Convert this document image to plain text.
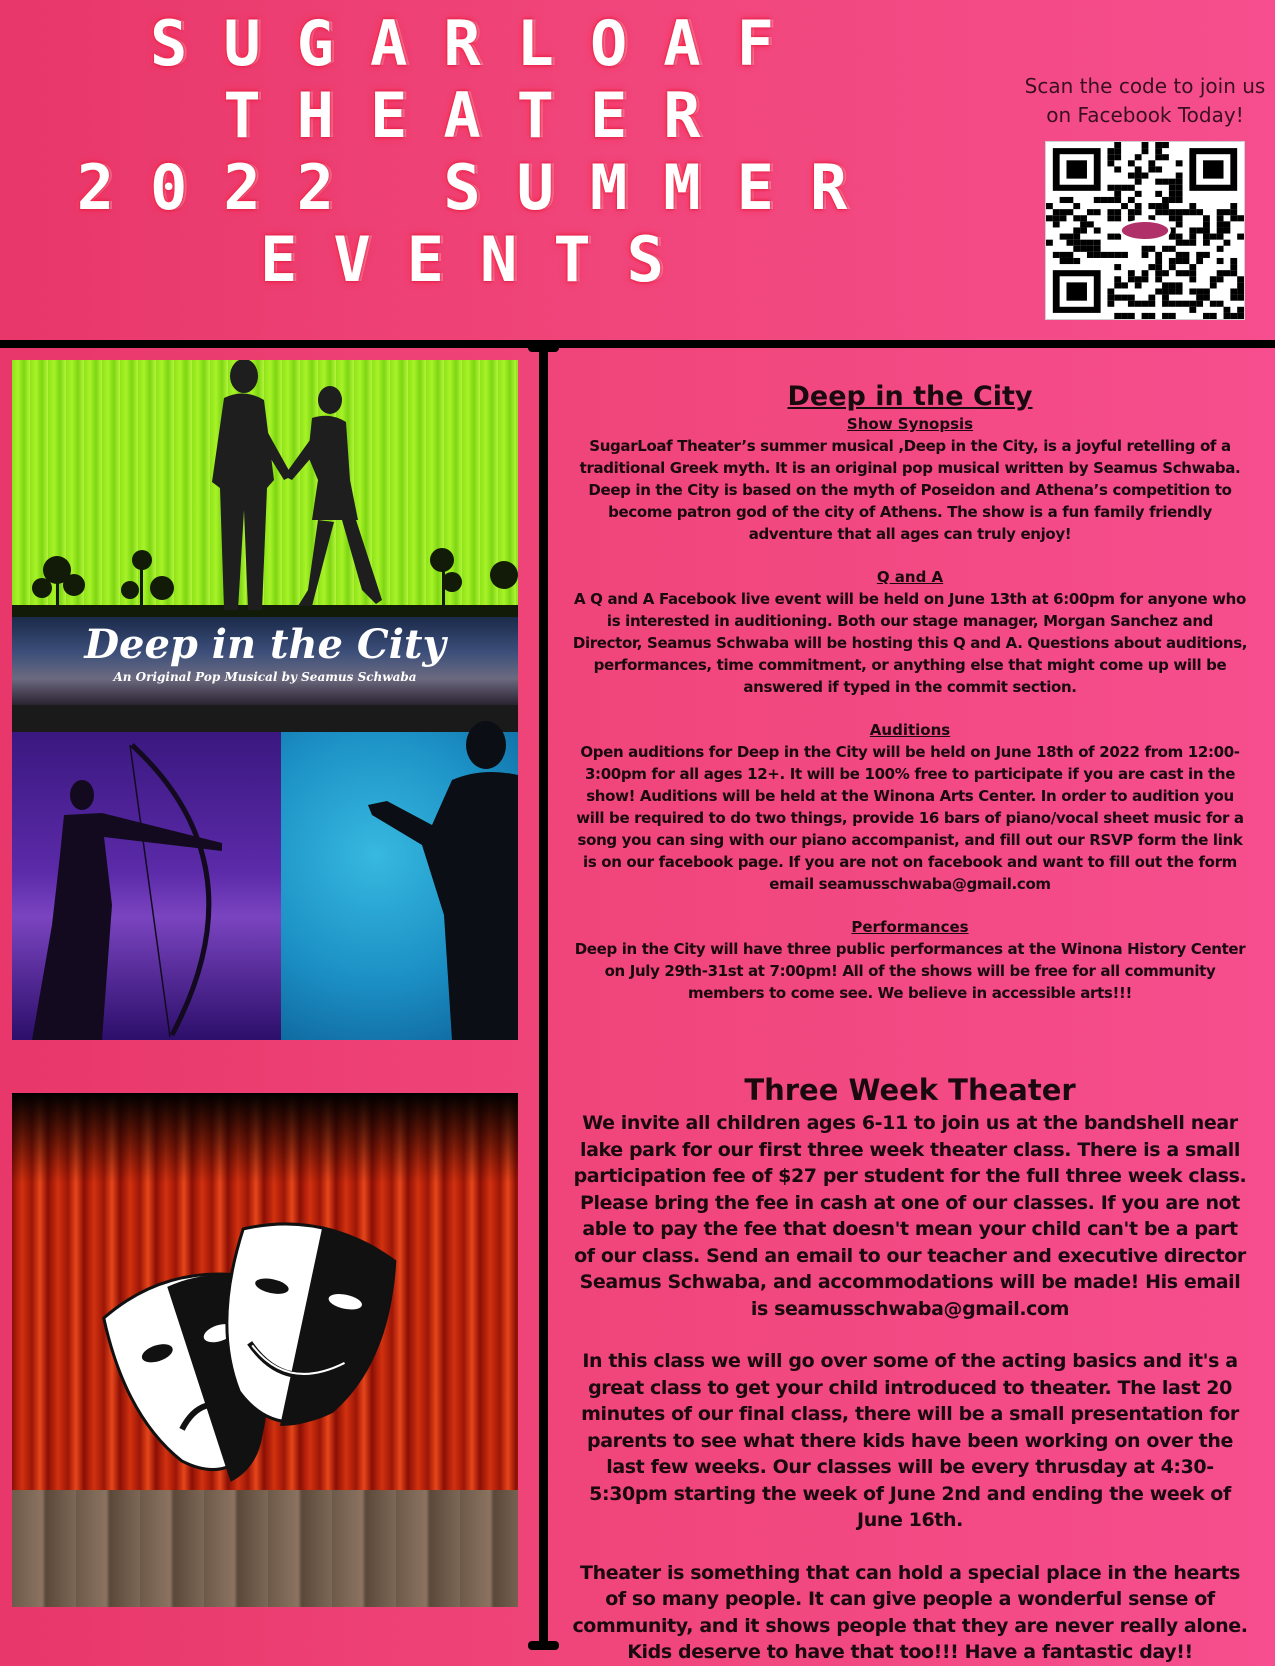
SUGARLOAF
THEATER
2022 SUMMER
EVENTS
Scan the code to join us on Facebook Today!
Deep in the City
An Original Pop Musical by Seamus Schwaba
Deep in the City
Show Synopsis

SugarLoaf Theater’s summer musical ,Deep in the City, is a joyful retelling of a traditional Greek myth. It is an original pop musical written by Seamus Schwaba. Deep in the City is based on the myth of Poseidon and Athena’s competition to become patron god of the city of Athens. The show is a fun family friendly adventure that all ages can truly enjoy!

Q and A

A Q and A Facebook live event will be held on June 13th at 6:00pm for anyone who is interested in auditioning. Both our stage manager, Morgan Sanchez and Director, Seamus Schwaba will be hosting this Q and A. Questions about auditions, performances, time commitment, or anything else that might come up will be answered if typed in the commit section.

Auditions

Open auditions for Deep in the City will be held on June 18th of 2022 from 12:00-3:00pm for all ages 12+. It will be 100% free to participate if you are cast in the show! Auditions will be held at the Winona Arts Center. In order to audition you will be required to do two things, provide 16 bars of piano/vocal sheet music for a song you can sing with our piano accompanist, and fill out our RSVP form the link is on our facebook page. If you are not on facebook and want to fill out the form email seamusschwaba@gmail.com

Performances

Deep in the City will have three public performances at the Winona History Center on July 29th-31st at 7:00pm! All of the shows will be free for all community members to come see. We believe in accessible arts!!!

Three Week Theater

We invite all children ages 6-11 to join us at the bandshell near lake park for our first three week theater class. There is a small participation fee of $27 per student for the full three week class. Please bring the fee in cash at one of our classes. If you are not able to pay the fee that doesn't mean your child can't be a part of our class. Send an email to our teacher and executive director Seamus Schwaba, and accommodations will be made! His email is seamusschwaba@gmail.com

In this class we will go over some of the acting basics and it's a great class to get your child introduced to theater. The last 20 minutes of our final class, there will be a small presentation for parents to see what there kids have been working on over the last few weeks. Our classes will be every thrusday at 4:30-5:30pm starting the week of June 2nd and ending the week of June 16th.

Theater is something that can hold a special place in the hearts of so many people. It can give people a wonderful sense of community, and it shows people that they are never really alone. Kids deserve to have that too!!! Have a fantastic day!!
